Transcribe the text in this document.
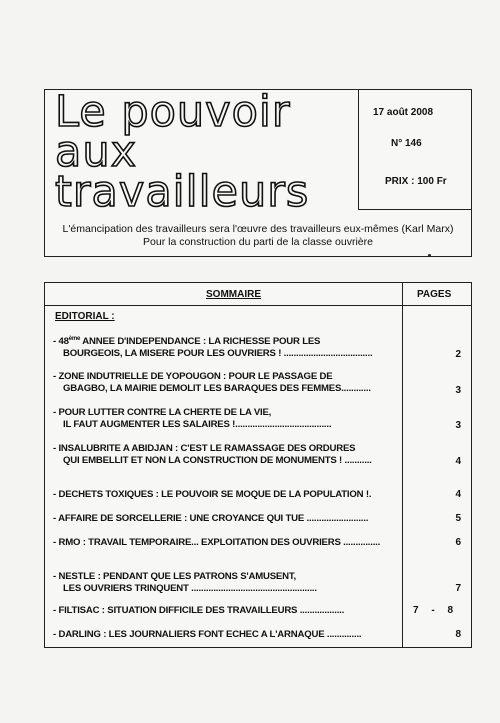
Le pouvoir
aux
travailleurs
17 août 2008
N° 146
PRIX : 100 Fr
L'émancipation des travailleurs sera l'œuvre des travailleurs eux-mêmes (Karl Marx)
Pour la construction du parti de la classe ouvrière
SOMMAIRE	PAGES
EDITORIAL :
- 48ème ANNEE D'INDEPENDANCE : LA RICHESSE POUR LES
BOURGEOIS, LA MISERE POUR LES OUVRIERS ! ....................................	2
- ZONE INDUTRIELLE DE YOPOUGON : POUR LE PASSAGE DE
GBAGBO, LA MAIRIE DEMOLIT LES BARAQUES DES FEMMES............	3
- POUR LUTTER CONTRE LA CHERTE DE LA VIE,
IL FAUT AUGMENTER LES SALAIRES !.......................................	3
- INSALUBRITE A ABIDJAN : C'EST LE RAMASSAGE DES ORDURES
QUI EMBELLIT ET NON LA CONSTRUCTION DE MONUMENTS ! ...........	4
- DECHETS TOXIQUES : LE POUVOIR SE MOQUE DE LA POPULATION !.	4
- AFFAIRE DE SORCELLERIE : UNE CROYANCE QUI TUE .........................	5
- RMO : TRAVAIL TEMPORAIRE... EXPLOITATION DES OUVRIERS ...............	6
- NESTLE : PENDANT QUE LES PATRONS S'AMUSENT,
LES OUVRIERS TRINQUENT ...................................................	7
- FILTISAC : SITUATION DIFFICILE DES TRAVAILLEURS ..................	7 - 8
- DARLING : LES JOURNALIERS FONT ECHEC A L'ARNAQUE ..............	8
